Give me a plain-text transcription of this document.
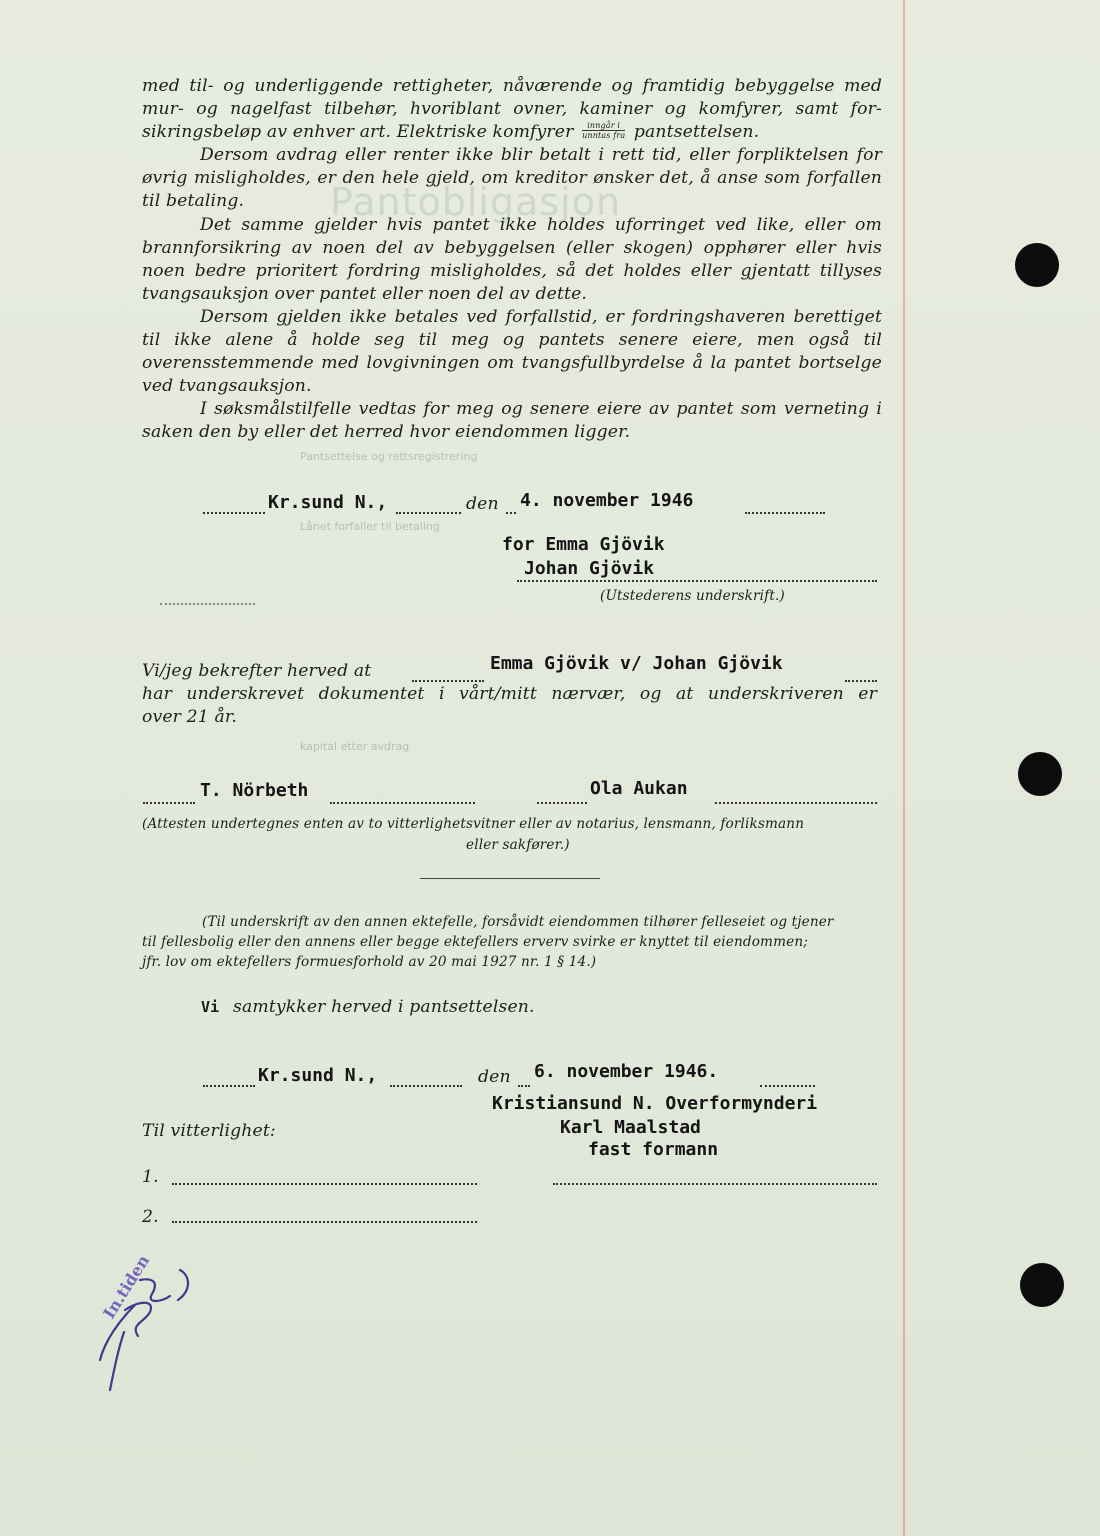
Pantobligasjon
Pantsettelse og rettsregistrering
Lånet forfaller til betaling
kapital etter avdrag

med til- og underliggende rettigheter, nåværende og framtidig bebyggelse med

mur- og nagelfast tilbehør, hvoriblant ovner, kaminer og komfyrer, samt for-

sikringsbeløp av enhver art. Elektriske komfyrer $\frac{\text{inngår i}}{\text{unntas fra}}$ pantsettelsen.

Dersom avdrag eller renter ikke blir betalt i rett tid, eller forpliktelsen for øvrig misligholdes, er den hele gjeld, om kreditor ønsker det, å anse som forfallen til betaling.

Det samme gjelder hvis pantet ikke holdes uforringet ved like, eller om brannforsikring av noen del av bebyggelsen (eller skogen) opphører eller hvis noen bedre prioritert fordring misligholdes, så det holdes eller gjentatt tillyses tvangsauksjon over pantet eller noen del av dette.

Dersom gjelden ikke betales ved forfallstid, er fordringshaveren berettiget til ikke alene å holde seg til meg og pantets senere eiere, men også til overensstemmende med lovgivningen om tvangsfullbyrdelse å la pantet bortselge ved tvangsauksjon.

I søksmålstilfelle vedtas for meg og senere eiere av pantet som verneting i saken den by eller det herred hvor eiendommen ligger.

Kr.sund N.,	den 4. november 1946
for Emma Gjövik
Johan Gjövik
(Utstederens underskrift.)
Vi/jeg bekrefter herved at	Emma Gjövik v/ Johan Gjövik
har underskrevet dokumentet i vårt/mitt nærvær, og at underskriveren er
over 21 år.
T. Nörbeth	Ola Aukan
(Attesten undertegnes enten av to vitterlighetsvitner eller av notarius, lensmann, forliksmann
eller sakfører.)
(Til underskrift av den annen ektefelle, forsåvidt eiendommen tilhører felleseiet og tjener
til fellesbolig eller den annens eller begge ektefellers erverv svirke er knyttet til eiendommen;
jfr. lov om ektefellers formuesforhold av 20 mai 1927 nr. 1 § 14.)
Vi samtykker herved i pantsettelsen.
Kr.sund N.,	den 6. november 1946.
Kristiansund N. Overformynderi
Karl Maalstad
fast formann
Til vitterlighet:
1.
2.
In.tiden
